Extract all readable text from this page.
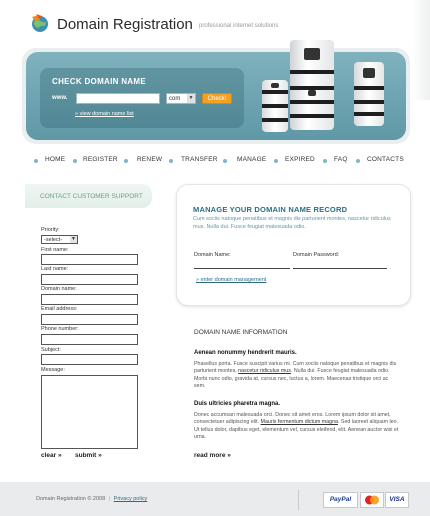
Domain Registration professional internet solutions
CHECK DOMAIN NAME
www.	com	▼	Check!
» view domain name list
HOME	REGISTER	RENEW	TRANSFER	MANAGE	EXPIRED	FAQ	CONTACTS
CONTACT CUSTOMER SUPPORT
Priority:
-select-	▼
First name:
Last name:
Domain name:
Email address:
Phone number:
Subject:
Message:
clear » submit »
MANAGE YOUR DOMAIN NAME RECORD
Cum sociis natoque penatibus et magnis dis parturient montes, nascetur ridiculus mus. Nulla dui. Fusce feugiat malesuada odio.
Domain Name:	Domain Password:
» enter domain management
DOMAIN NAME INFORMATION
Aenean nonummy hendrerit mauris.
Phasellus porta. Fusce suscipit varius mi. Cum sociis natoque penatibus et magnis dis parturient montes, nascetur ridiculus mus. Nulla dui. Fusce feugiat malesuada odio. Morbi nunc odio, gravida at, cursus nec, luctus a, lorem. Maecenas tristique orci ac sem.
Duis ultricies pharetra magna.
Donec accumsan malesuada orci. Donec sit amet eros. Lorem ipsum dolor sit amet, consectetuer adipiscing elit. Mauris fermentum dictum magna. Sed laoreet aliquam leo. Ut tellus dolor, dapibus eget, elementum vel, cursus eleifend, elit. Aenean auctor wisi et urna.
read more »
Domain Registration © 2008 | Privacy policy	PayPal	VISA
